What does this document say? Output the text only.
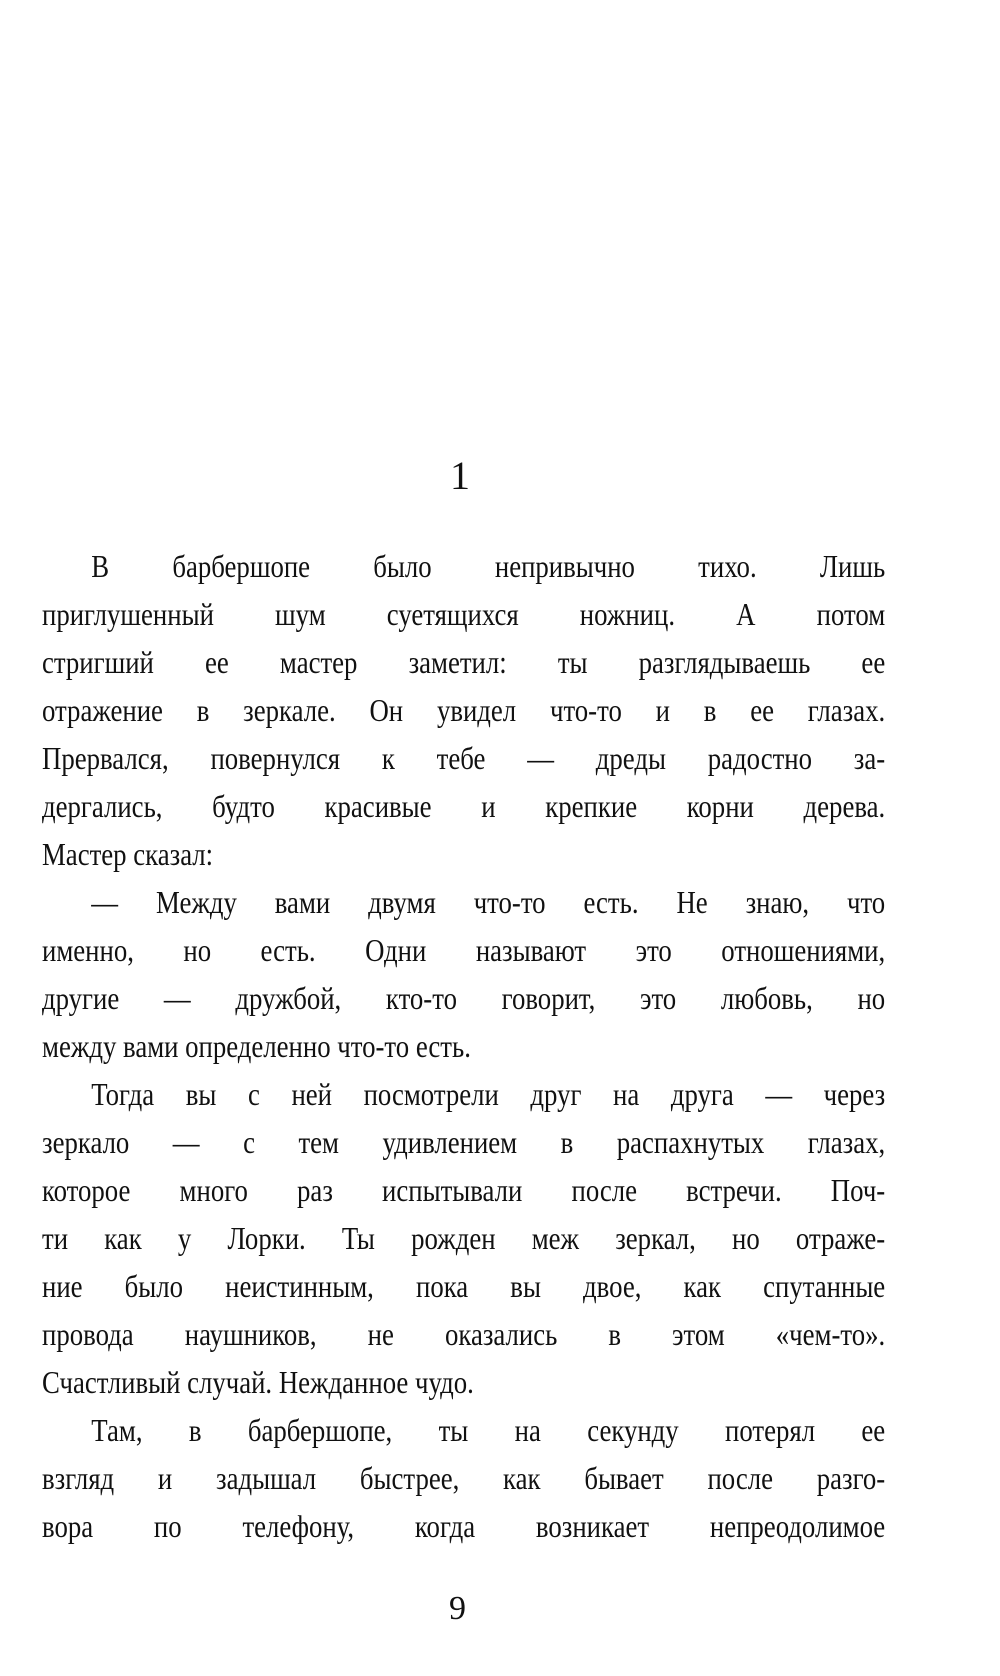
1
В барбершопе было непривычно тихо. Лишь
приглушенный шум суетящихся ножниц. А потом
стригший ее мастер заметил: ты разглядываешь ее
отражение в зеркале. Он увидел что-то и в ее глазах.
Прервался, повернулся к тебе — дреды радостно за-
дергались, будто красивые и крепкие корни дерева.
Мастер сказал:
— Между вами двумя что-то есть. Не знаю, что
именно, но есть. Одни называют это отношениями,
другие — дружбой, кто-то говорит, это любовь, но
между вами определенно что-то есть.
Тогда вы с ней посмотрели друг на друга — через
зеркало — с тем удивлением в распахнутых глазах,
которое много раз испытывали после встречи. Поч-
ти как у Лорки. Ты рожден меж зеркал, но отраже-
ние было неистинным, пока вы двое, как спутанные
провода наушников, не оказались в этом «чем-то».
Счастливый случай. Нежданное чудо.
Там, в барбершопе, ты на секунду потерял ее
взгляд и задышал быстрее, как бывает после разго-
вора по телефону, когда возникает непреодолимое
9
